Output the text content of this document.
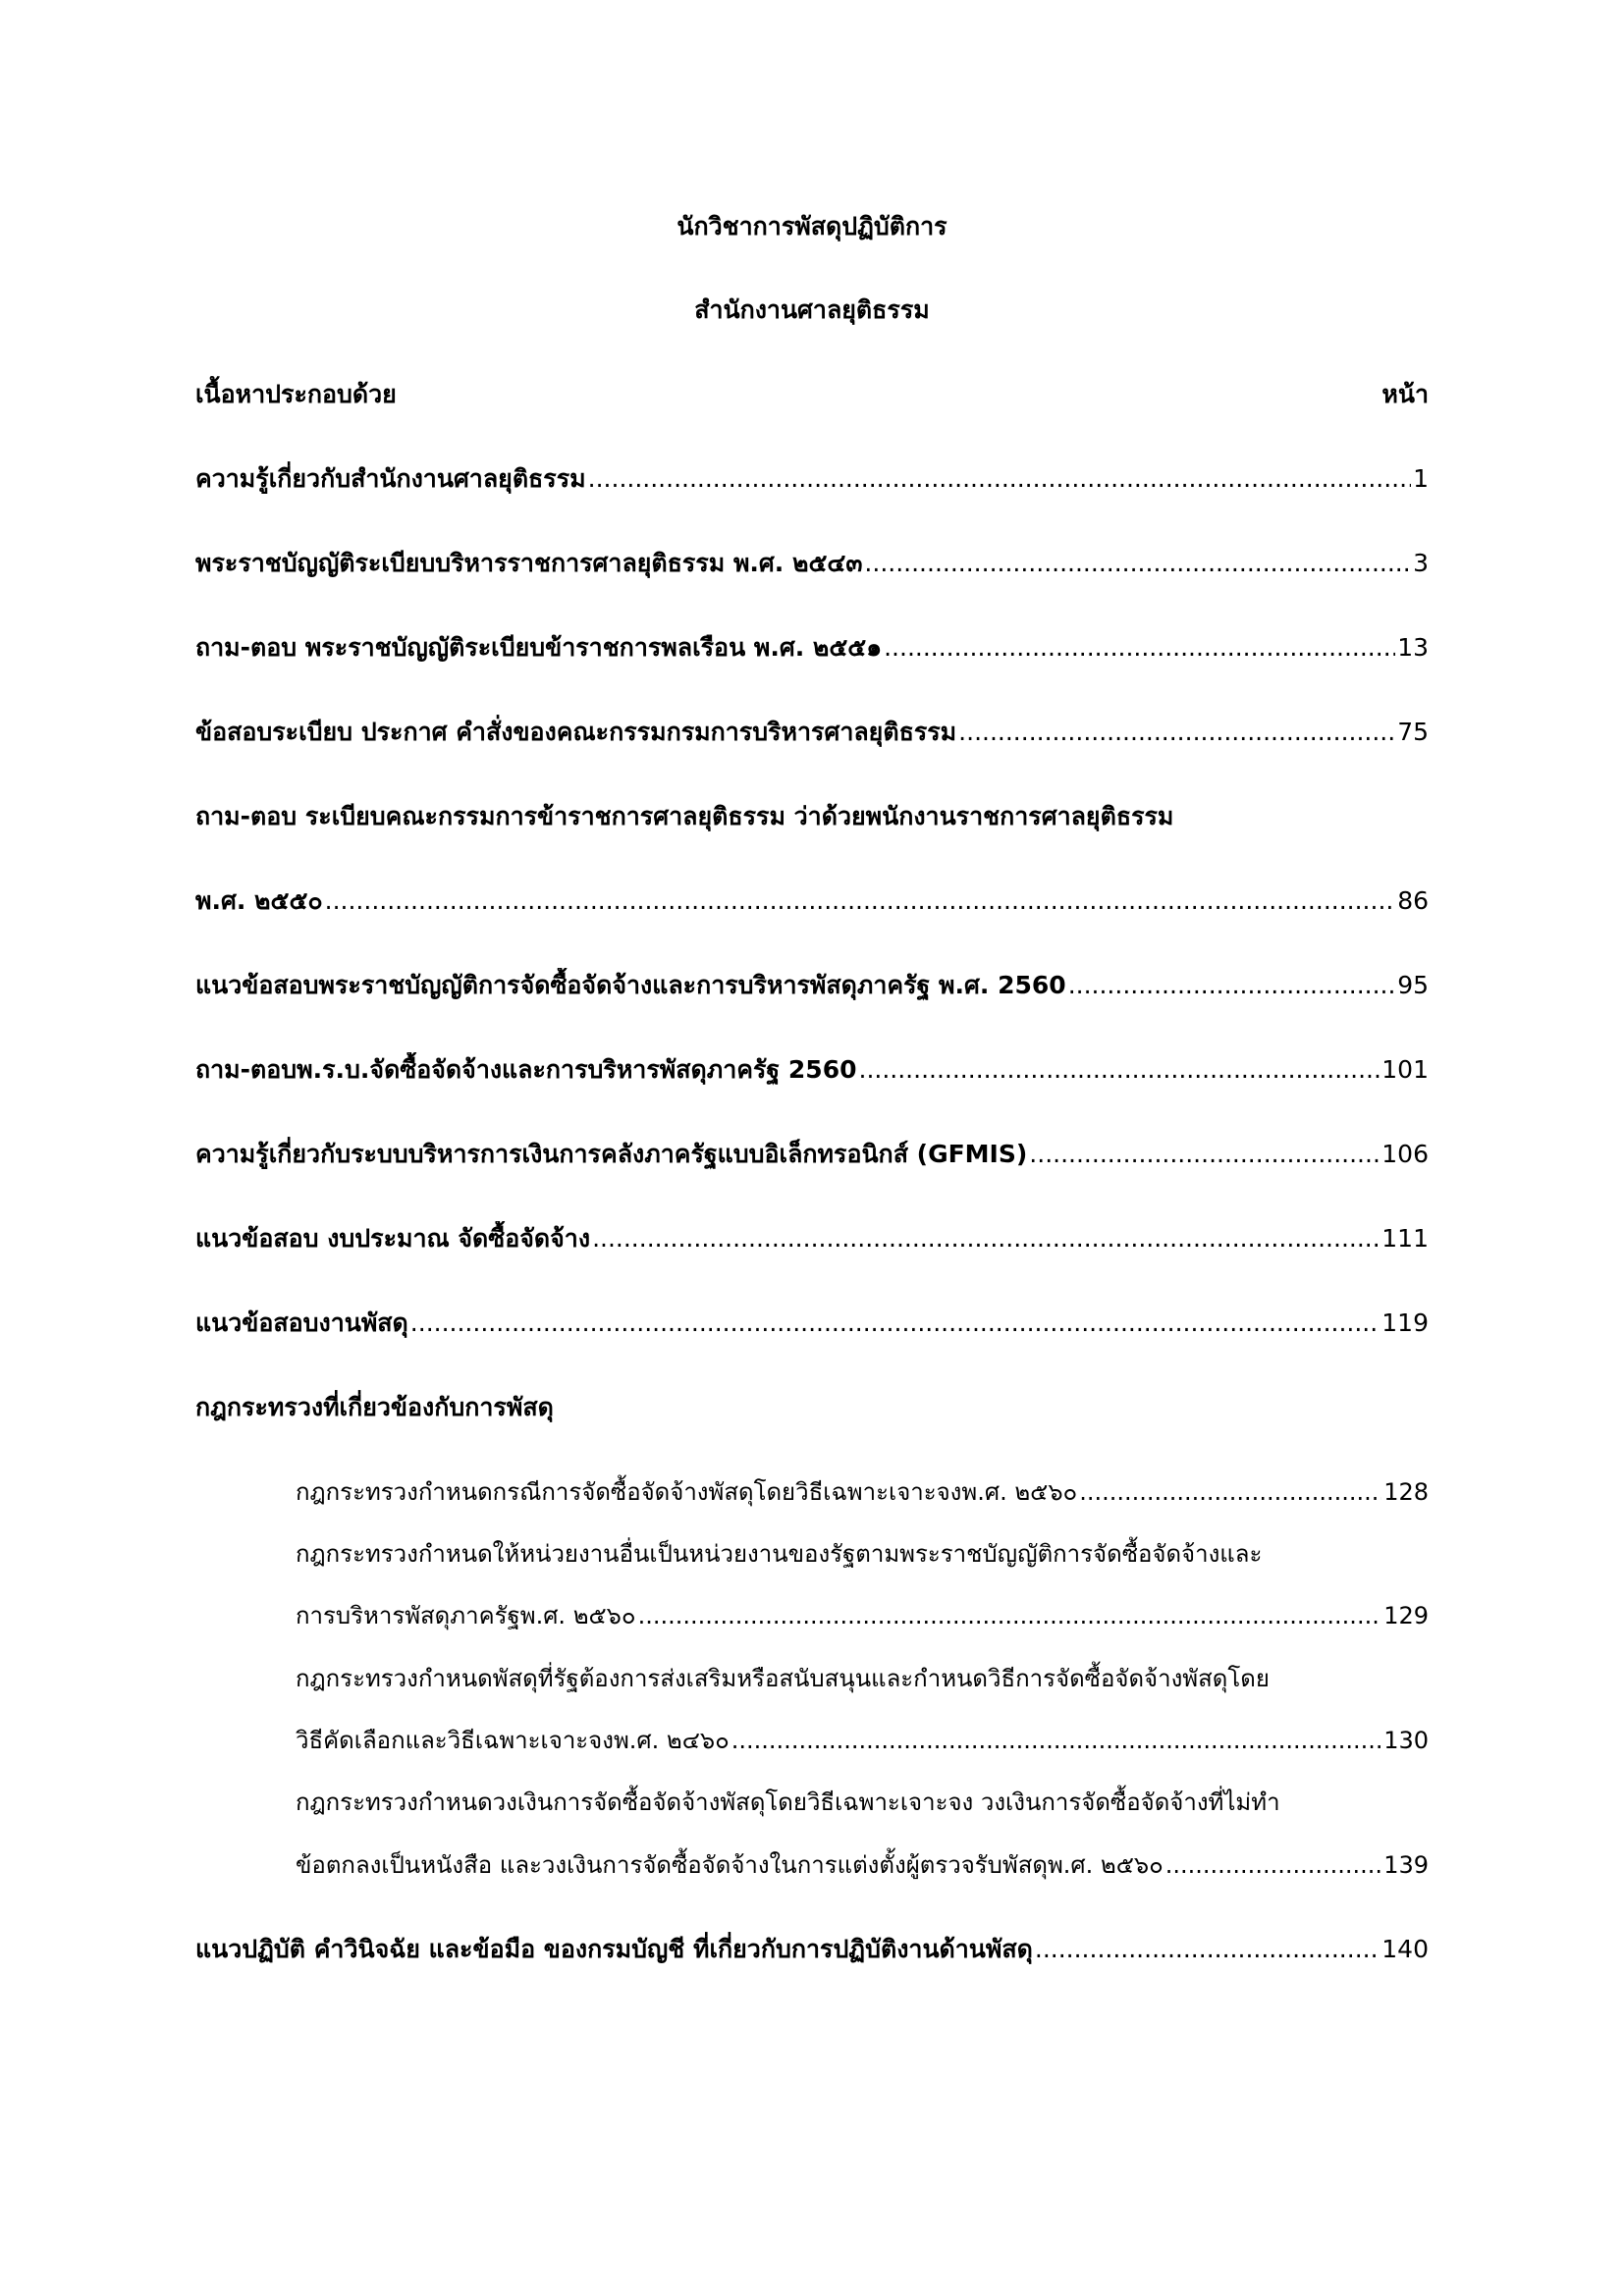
นักวิชาการพัสดุปฏิบัติการ
สำนักงานศาลยุติธรรม
เนื้อหาประกอบด้วย	หน้า
ความรู้เกี่ยวกับสำนักงานศาลยุติธรรม .....	1
พระราชบัญญัติระเบียบบริหารราชการศาลยุติธรรม พ.ศ. ๒๕๔๓ .....	3
ถาม-ตอบ พระราชบัญญัติระเบียบข้าราชการพลเรือน พ.ศ. ๒๕๕๑ .....	13
ข้อสอบระเบียบ ประกาศ คำสั่งของคณะกรรมกรมการบริหารศาลยุติธรรม .....	75
ถาม-ตอบ ระเบียบคณะกรรมการข้าราชการศาลยุติธรรม ว่าด้วยพนักงานราชการศาลยุติธรรม
พ.ศ. ๒๕๕๐ .....	86
แนวข้อสอบพระราชบัญญัติการจัดซื้อจัดจ้างและการบริหารพัสดุภาครัฐ พ.ศ. 2560 .....	95
ถาม-ตอบพ.ร.บ.จัดซื้อจัดจ้างและการบริหารพัสดุภาครัฐ 2560 .....	101
ความรู้เกี่ยวกับระบบบริหารการเงินการคลังภาครัฐแบบอิเล็กทรอนิกส์ (GFMIS) .....	106
แนวข้อสอบ งบประมาณ จัดซื้อจัดจ้าง .....	111
แนวข้อสอบงานพัสดุ .....	119
กฎกระทรวงที่เกี่ยวข้องกับการพัสดุ
กฎกระทรวงกำหนดกรณีการจัดซื้อจัดจ้างพัสดุโดยวิธีเฉพาะเจาะจงพ.ศ. ๒๕๖๐ .....	128
กฎกระทรวงกำหนดให้หน่วยงานอื่นเป็นหน่วยงานของรัฐตามพระราชบัญญัติการจัดซื้อจัดจ้างและ
การบริหารพัสดุภาครัฐพ.ศ. ๒๕๖๐ .....	129
กฎกระทรวงกำหนดพัสดุที่รัฐต้องการส่งเสริมหรือสนับสนุนและกำหนดวิธีการจัดซื้อจัดจ้างพัสดุโดย
วิธีคัดเลือกและวิธีเฉพาะเจาะจงพ.ศ. ๒๔๖๐ .....	130
กฎกระทรวงกำหนดวงเงินการจัดซื้อจัดจ้างพัสดุโดยวิธีเฉพาะเจาะจง วงเงินการจัดซื้อจัดจ้างที่ไม่ทำ
ข้อตกลงเป็นหนังสือ และวงเงินการจัดซื้อจัดจ้างในการแต่งตั้งผู้ตรวจรับพัสดุพ.ศ. ๒๕๖๐ .....	139
แนวปฏิบัติ คำวินิจฉัย และข้อมือ ของกรมบัญชี ที่เกี่ยวกับการปฏิบัติงานด้านพัสดุ .....	140
